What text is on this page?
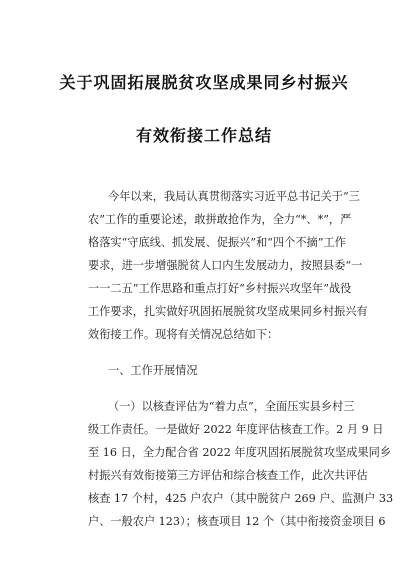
关于巩固拓展脱贫攻坚成果同乡村振兴
有效衔接工作总结
今年以来，我局认真贯彻落实习近平总书记关于“三
农”工作的重要论述，敢拼敢抢作为，全力“*、*”，严
格落实“守底线、抓发展、促振兴”和“四个不摘”工作
要求，进一步增强脱贫人口内生发展动力，按照县委“一
一一二五”工作思路和重点打好“乡村振兴攻坚年”战役
工作要求，扎实做好巩固拓展脱贫攻坚成果同乡村振兴有
效衔接工作。现将有关情况总结如下：
一、工作开展情况
（一）以核查评估为“着力点”，全面压实县乡村三
级工作责任。一是做好 2022 年度评估核查工作。2 月 9 日
至 16 日，全力配合省 2022 年度巩固拓展脱贫攻坚成果同乡
村振兴有效衔接第三方评估和综合核查工作，此次共评估
核查 17 个村，425 户农户（其中脱贫户 269 户、监测户 33
户、一般农户 123）；核查项目 12 个（其中衔接资金项目 6
